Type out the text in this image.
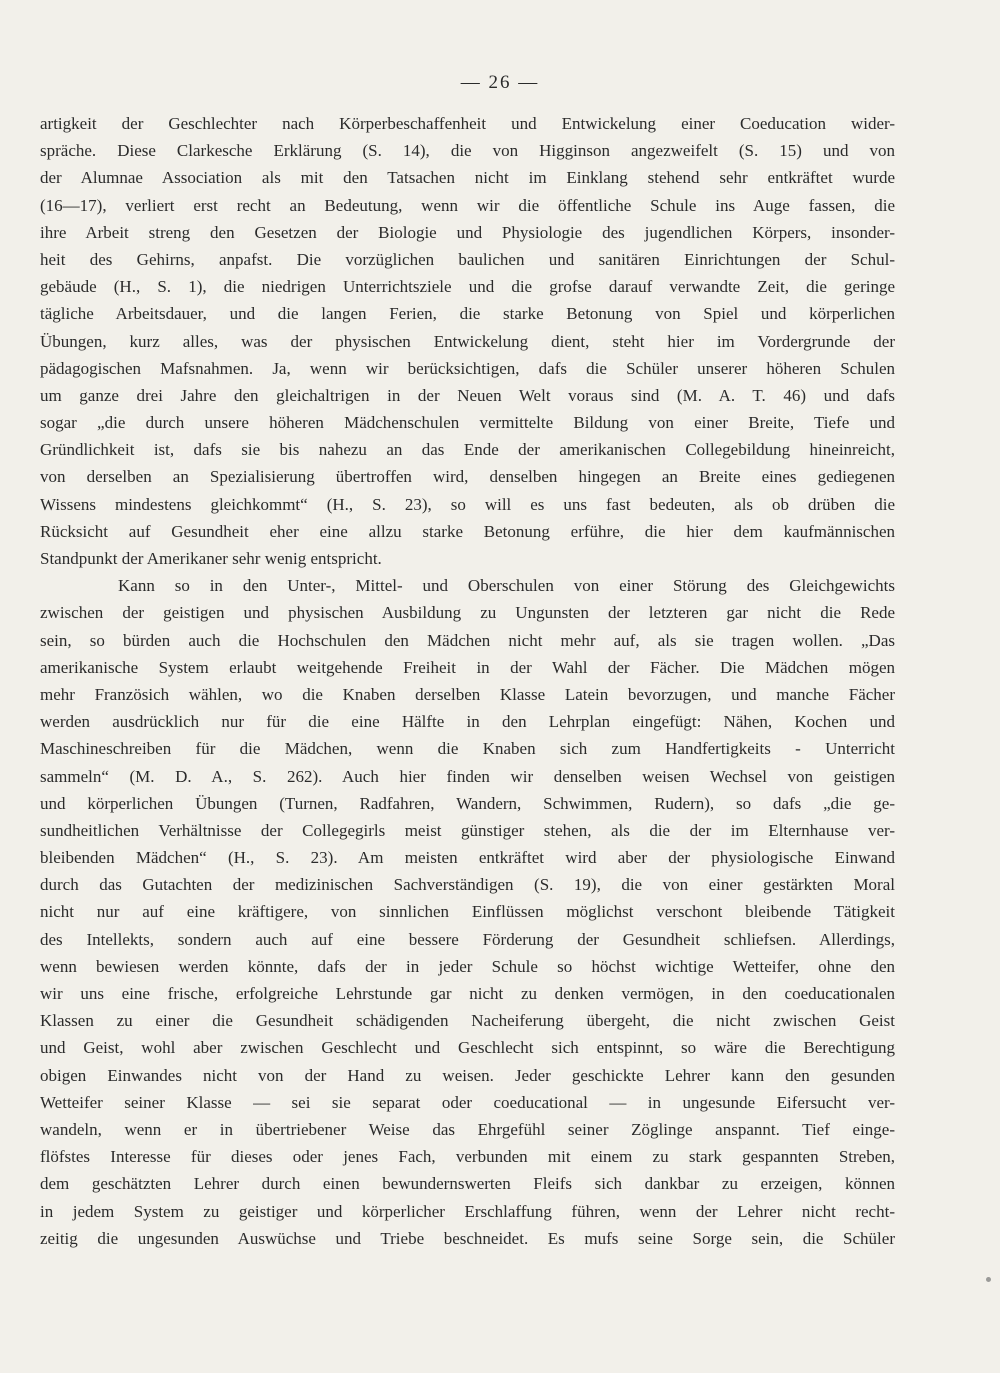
— 26 —
artigkeit der Geschlechter nach Körperbeschaffenheit und Entwickelung einer Coeducation wider-
spräche. Diese Clarkesche Erklärung (S. 14), die von Higginson angezweifelt (S. 15) und von
der Alumnae Association als mit den Tatsachen nicht im Einklang stehend sehr entkräftet wurde
(16—17), verliert erst recht an Bedeutung, wenn wir die öffentliche Schule ins Auge fassen, die
ihre Arbeit streng den Gesetzen der Biologie und Physiologie des jugendlichen Körpers, insonder-
heit des Gehirns, anpafst. Die vorzüglichen baulichen und sanitären Einrichtungen der Schul-
gebäude (H., S. 1), die niedrigen Unterrichtsziele und die grofse darauf verwandte Zeit, die geringe
tägliche Arbeitsdauer, und die langen Ferien, die starke Betonung von Spiel und körperlichen
Übungen, kurz alles, was der physischen Entwickelung dient, steht hier im Vordergrunde der
pädagogischen Mafsnahmen. Ja, wenn wir berücksichtigen, dafs die Schüler unserer höheren Schulen
um ganze drei Jahre den gleichaltrigen in der Neuen Welt voraus sind (M. A. T. 46) und dafs
sogar „die durch unsere höheren Mädchenschulen vermittelte Bildung von einer Breite, Tiefe und
Gründlichkeit ist, dafs sie bis nahezu an das Ende der amerikanischen Collegebildung hineinreicht,
von derselben an Spezialisierung übertroffen wird, denselben hingegen an Breite eines gediegenen
Wissens mindestens gleichkommt“ (H., S. 23), so will es uns fast bedeuten, als ob drüben die
Rücksicht auf Gesundheit eher eine allzu starke Betonung erführe, die hier dem kaufmännischen
Standpunkt der Amerikaner sehr wenig entspricht.
Kann so in den Unter-, Mittel- und Oberschulen von einer Störung des Gleichgewichts
zwischen der geistigen und physischen Ausbildung zu Ungunsten der letzteren gar nicht die Rede
sein, so bürden auch die Hochschulen den Mädchen nicht mehr auf, als sie tragen wollen. „Das
amerikanische System erlaubt weitgehende Freiheit in der Wahl der Fächer. Die Mädchen mögen
mehr Französich wählen, wo die Knaben derselben Klasse Latein bevorzugen, und manche Fächer
werden ausdrücklich nur für die eine Hälfte in den Lehrplan eingefügt: Nähen, Kochen und
Maschineschreiben für die Mädchen, wenn die Knaben sich zum Handfertigkeits - Unterricht
sammeln“ (M. D. A., S. 262). Auch hier finden wir denselben weisen Wechsel von geistigen
und körperlichen Übungen (Turnen, Radfahren, Wandern, Schwimmen, Rudern), so dafs „die ge-
sundheitlichen Verhältnisse der Collegegirls meist günstiger stehen, als die der im Elternhause ver-
bleibenden Mädchen“ (H., S. 23). Am meisten entkräftet wird aber der physiologische Einwand
durch das Gutachten der medizinischen Sachverständigen (S. 19), die von einer gestärkten Moral
nicht nur auf eine kräftigere, von sinnlichen Einflüssen möglichst verschont bleibende Tätigkeit
des Intellekts, sondern auch auf eine bessere Förderung der Gesundheit schliefsen. Allerdings,
wenn bewiesen werden könnte, dafs der in jeder Schule so höchst wichtige Wetteifer, ohne den
wir uns eine frische, erfolgreiche Lehrstunde gar nicht zu denken vermögen, in den coeducationalen
Klassen zu einer die Gesundheit schädigenden Nacheiferung übergeht, die nicht zwischen Geist
und Geist, wohl aber zwischen Geschlecht und Geschlecht sich entspinnt, so wäre die Berechtigung
obigen Einwandes nicht von der Hand zu weisen. Jeder geschickte Lehrer kann den gesunden
Wetteifer seiner Klasse — sei sie separat oder coeducational — in ungesunde Eifersucht ver-
wandeln, wenn er in übertriebener Weise das Ehrgefühl seiner Zöglinge anspannt. Tief einge-
flöfstes Interesse für dieses oder jenes Fach, verbunden mit einem zu stark gespannten Streben,
dem geschätzten Lehrer durch einen bewundernswerten Fleifs sich dankbar zu erzeigen, können
in jedem System zu geistiger und körperlicher Erschlaffung führen, wenn der Lehrer nicht recht-
zeitig die ungesunden Auswüchse und Triebe beschneidet. Es mufs seine Sorge sein, die Schüler
